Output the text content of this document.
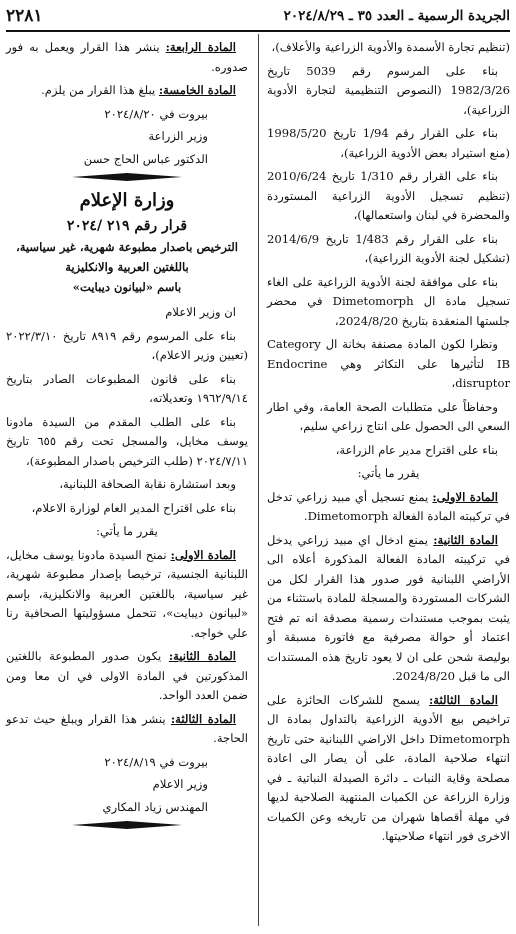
الجريدة الرسمية ـ العدد ٣٥ ـ ٢٠٢٤/٨/٢٩
٢٢٨١

(تنظيم تجارة الأسمدة والأدوية الزراعية والأعلاف)،

بناء على المرسوم رقم 5039 تاريخ 1982/3/26 (النصوص التنظيمية لتجارة الأدوية الزراعية)،

بناء على القرار رقم 1/94 تاريخ 1998/5/20 (منع استيراد بعض الأدوية الزراعية)،

بناء على القرار رقم 1/310 تاريخ 2010/6/24 (تنظيم تسجيل الأدوية الزراعية المستوردة والمحضرة في لبنان واستعمالها)،

بناء على القرار رقم 1/483 تاريخ 2014/6/9 (تشكيل لجنة الأدوية الزراعية)،

بناء على موافقة لجنة الأدوية الزراعية على الغاء تسجيل مادة ال Dimetomorph في محضر جلستها المنعقدة بتاريخ 2024/8/20،

ونظرا لكون المادة مصنفة بخانة ال Category IB لتأثيرها على التكاثر وهي Endocrine disruptor،

وحفاظاً على متطلبات الصحة العامة، وفي اطار السعي الى الحصول على انتاج زراعي سليم،

بناء على اقتراح مدير عام الزراعة،

يقرر ما يأتي:

المادة الاولى: يمنع تسجيل أي مبيد زراعي تدخل في تركيبته المادة الفعالة Dimetomorph.

المادة الثانية: يمنع ادخال اي مبيد زراعي يدخل في تركيبته المادة الفعالة المذكورة أعلاه الى الأراضي اللبنانية فور صدور هذا القرار لكل من الشركات المستوردة والمسجلة للمادة باستثناء من يثبت بموجب مستندات رسمية مصدقة انه تم فتح اعتماد أو حوالة مصرفية مع فاتورة مسبقة أو بوليصة شحن على ان لا يعود تاريخ هذه المستندات الى ما قبل 2024/8/20.

المادة الثالثة: يسمح للشركات الحائزة على تراخيص بيع الأدوية الزراعية بالتداول بمادة ال Dimetomorph داخل الاراضي اللبنانية حتى تاريخ انتهاء صلاحية المادة، على أن يصار الى اعادة مصلحة وقاية النبات ـ دائرة الصيدلة النباتية ـ في وزارة الزراعة عن الكميات المنتهية الصلاحية لديها في مهلة أقصاها شهران من تاريخه وعن الكميات الاخرى فور انتهاء صلاحيتها.

المادة الرابعة: ينشر هذا القرار ويعمل به فور صدوره.

المادة الخامسة: يبلغ هذا القرار من يلزم.

بيروت في ٢٠٢٤/٨/٢٠

وزير الزراعة

الدكتور عباس الحاج حسن

وزارة الإعلام
قرار رقم ٢١٩ /٢٠٢٤

الترخيص باصدار مطبوعة شهرية، غير سياسية،

باللغتين العربية والانكليزية

باسم «لبيانون ديبايت»

ان وزير الاعلام

بناء على المرسوم رقم ٨٩١٩ تاريخ ٢٠٢٢/٣/١٠ (تعيين وزير الاعلام)،

بناء على قانون المطبوعات الصادر بتاريخ ١٩٦٢/٩/١٤ وتعديلاته،

بناء على الطلب المقدم من السيدة مادونا يوسف مخايل، والمسجل تحت رقم ٦٥٥ تاريخ ٢٠٢٤/٧/١١ (طلب الترخيص باصدار المطبوعة)،

وبعد استشارة نقابة الصحافة اللبنانية،

بناء على اقتراح المدير العام لوزارة الاعلام،

يقرر ما يأتي:

المادة الاولى: نمنح السيدة مادونا يوسف مخايل، اللبنانية الجنسية، ترخيصا بإصدار مطبوعة شهرية، غير سياسية، باللغتين العربية والانكليزية، بإسم «لبيانون ديبايت»، تتحمل مسؤوليتها الصحافية رنا علي خواجه.

المادة الثانية: يكون صدور المطبوعة باللغتين المذكورتين في المادة الاولى في ان معا ومن ضمن العدد الواحد.

المادة الثالثة: ينشر هذا القرار ويبلغ حيث تدعو الحاجة.

بيروت في ٢٠٢٤/٨/١٩

وزير الاعلام

المهندس زياد المكاري
